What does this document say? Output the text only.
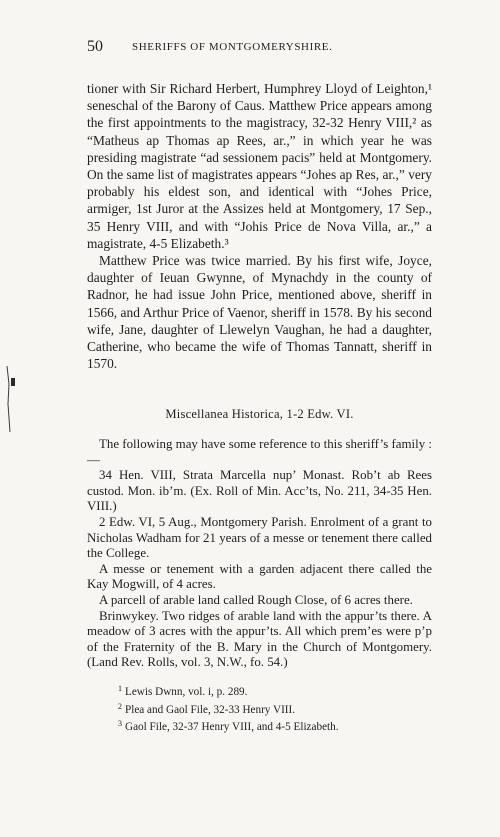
50	SHERIFFS OF MONTGOMERYSHIRE.

tioner with Sir Richard Herbert, Humphrey Lloyd of Leighton,¹ seneschal of the Barony of Caus. Matthew Price appears among the first appointments to the magistracy, 32-32 Henry VIII,² as “Matheus ap Thomas ap Rees, ar.,” in which year he was presiding magistrate “ad sessionem pacis” held at Montgomery. On the same list of magistrates appears “Johes ap Res, ar.,” very probably his eldest son, and identical with “Johes Price, armiger, 1st Juror at the Assizes held at Montgomery, 17 Sep., 35 Henry VIII, and with “Johis Price de Nova Villa, ar.,” a magistrate, 4-5 Elizabeth.³

Matthew Price was twice married. By his first wife, Joyce, daughter of Ieuan Gwynne, of Mynachdy in the county of Radnor, he had issue John Price, mentioned above, sheriff in 1566, and Arthur Price of Vaenor, sheriff in 1578. By his second wife, Jane, daughter of Llewelyn Vaughan, he had a daughter, Catherine, who became the wife of Thomas Tannatt, sheriff in 1570.

Miscellanea Historica, 1-2 Edw. VI.

The following may have some reference to this sheriff’s family :—

34 Hen. VIII, Strata Marcella nup’ Monast. Rob’t ab Rees custod. Mon. ib’m. (Ex. Roll of Min. Acc’ts, No. 211, 34-35 Hen. VIII.)

2 Edw. VI, 5 Aug., Montgomery Parish. Enrolment of a grant to Nicholas Wadham for 21 years of a messe or tenement there called the College.

A messe or tenement with a garden adjacent there called the Kay Mogwill, of 4 acres.

A parcell of arable land called Rough Close, of 6 acres there.

Brinwykey. Two ridges of arable land with the appur’ts there. A meadow of 3 acres with the appur’ts. All which prem’es were p’p of the Fraternity of the B. Mary in the Church of Montgomery. (Land Rev. Rolls, vol. 3, N.W., fo. 54.)

$^1$ Lewis Dwnn, vol. i, p. 289.
$^2$ Plea and Gaol File, 32-33 Henry VIII.
$^3$ Gaol File, 32-37 Henry VIII, and 4-5 Elizabeth.
